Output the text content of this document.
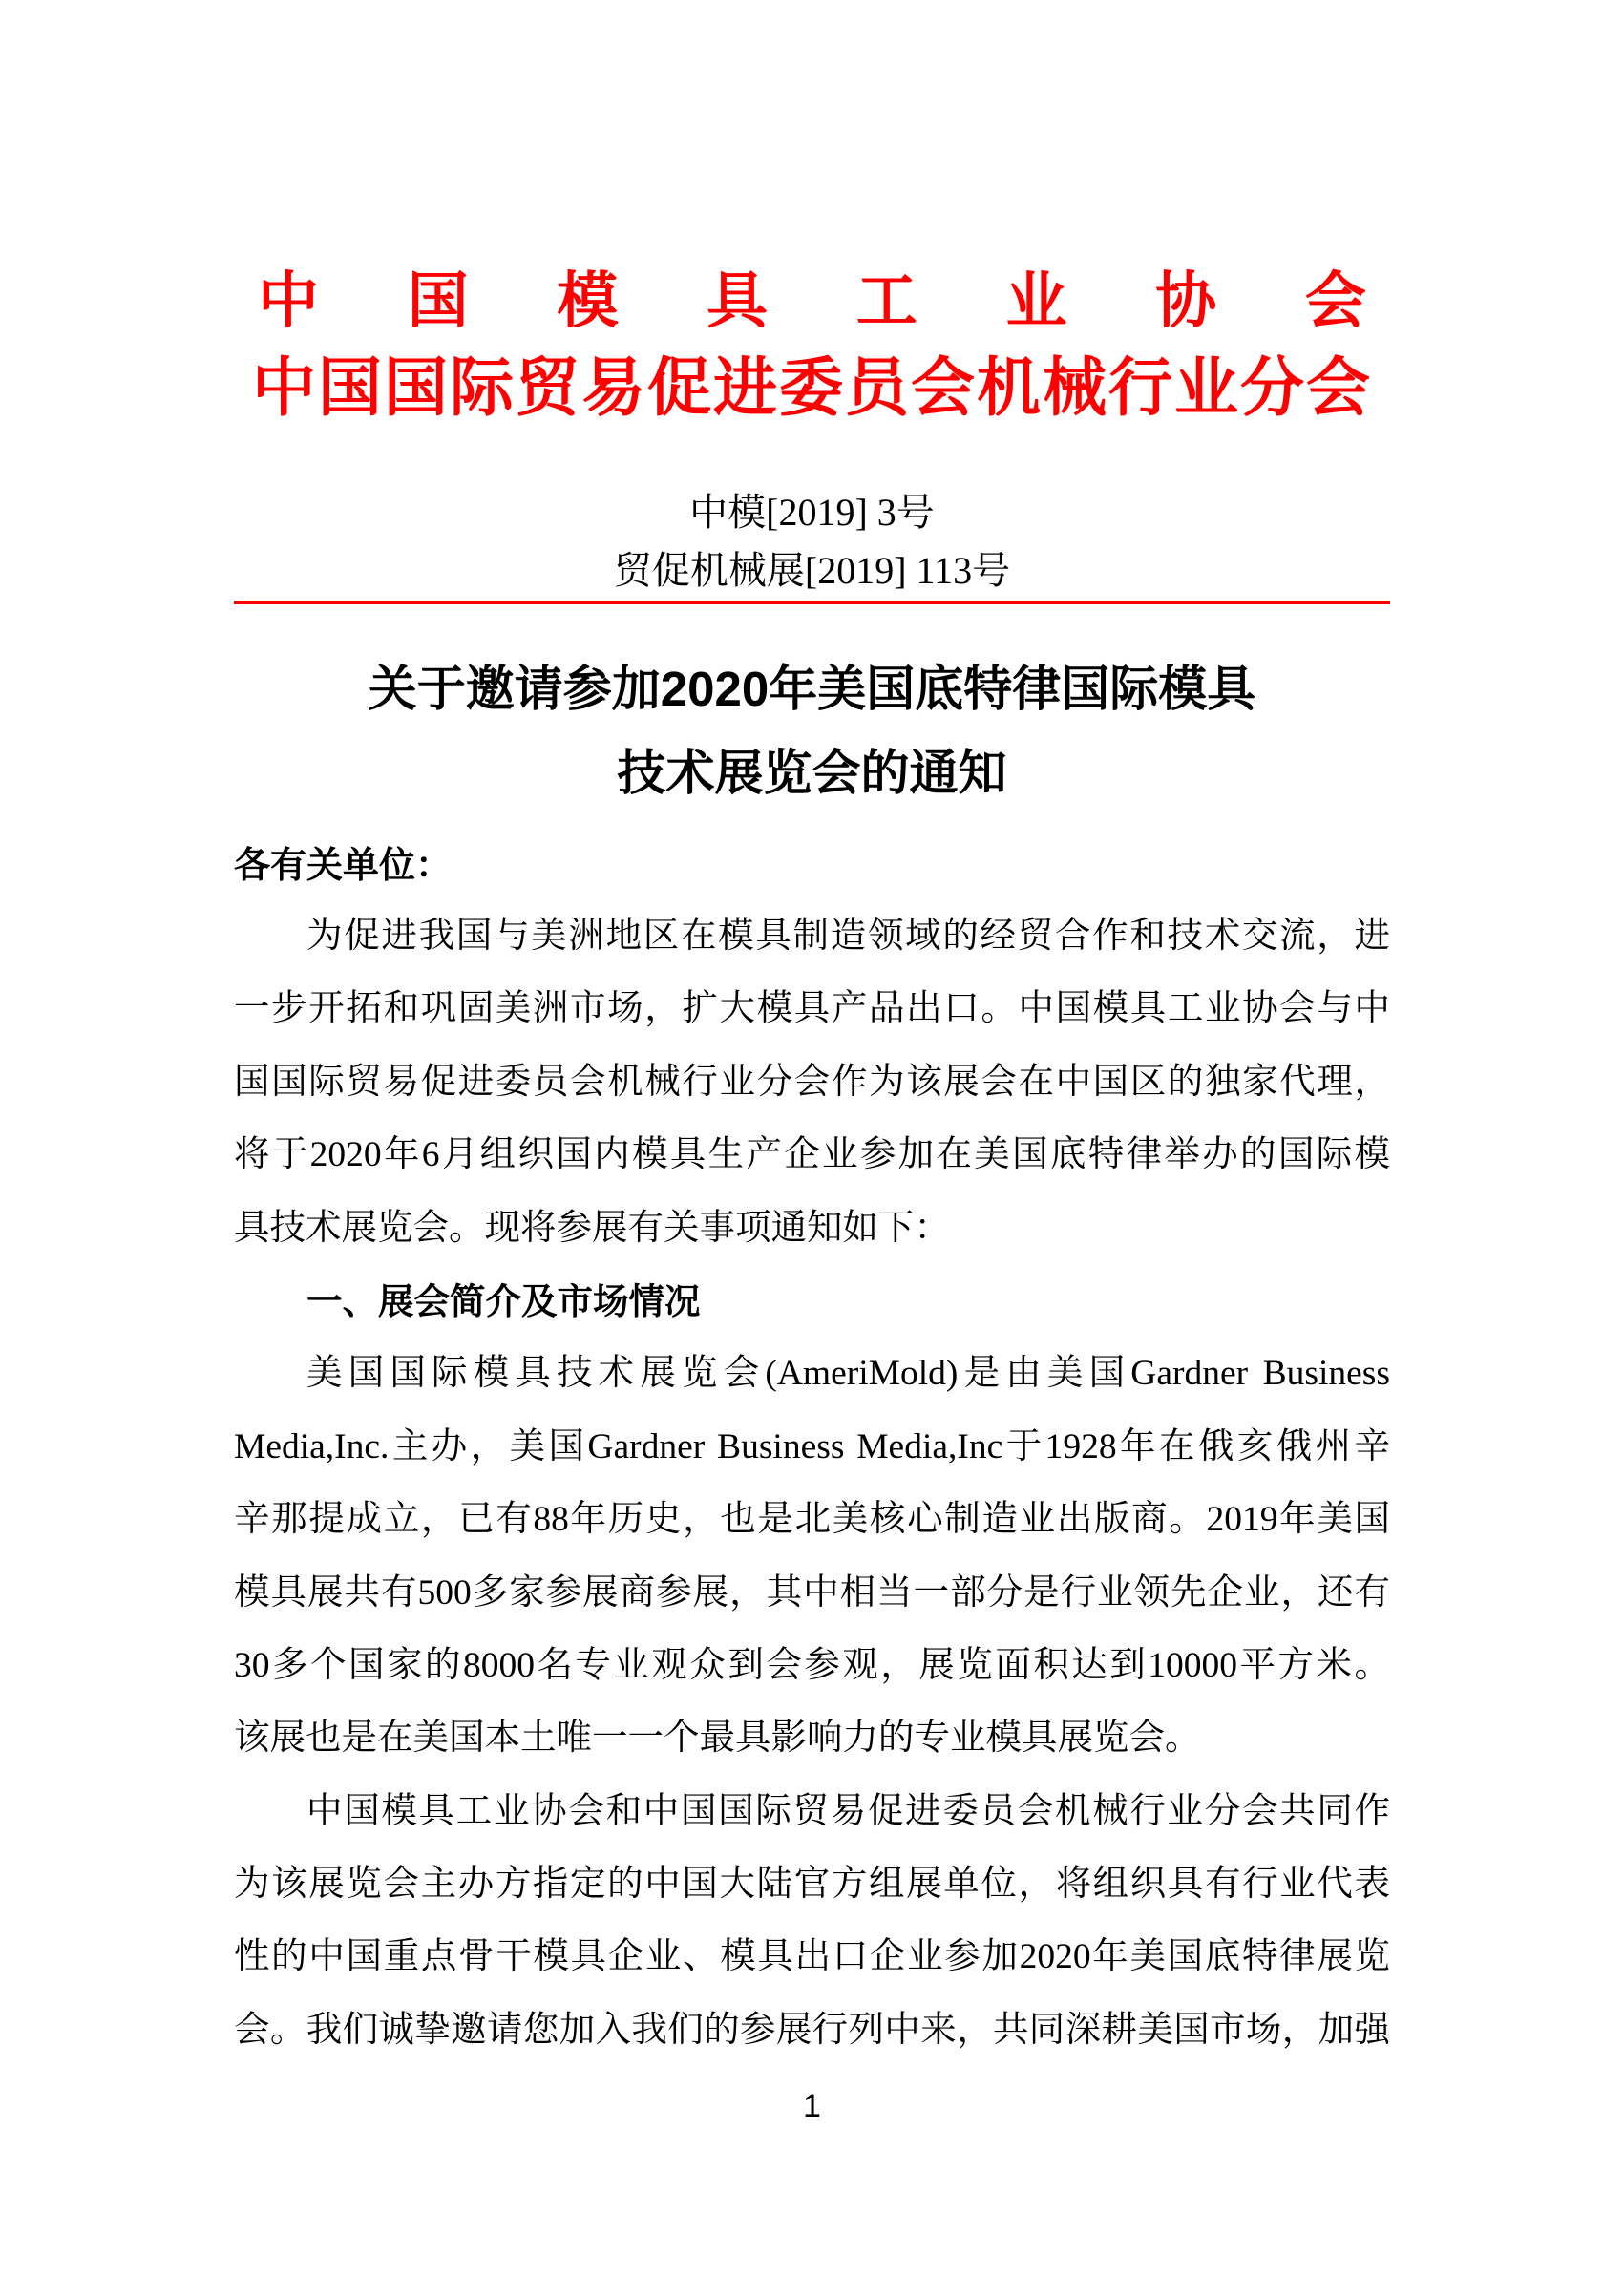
中 国 模 具 工 业 协 会
中国国际贸易促进委员会机械行业分会
中模[2019] 3号
贸促机械展[2019] 113号
关于邀请参加2020年美国底特律国际模具
技术展览会的通知
各有关单位：
为促进我国与美洲地区在模具制造领域的经贸合作和技术交流，进
一步开拓和巩固美洲市场，扩大模具产品出口。中国模具工业协会与中
国国际贸易促进委员会机械行业分会作为该展会在中国区的独家代理，
将于2020年6月组织国内模具生产企业参加在美国底特律举办的国际模
具技术展览会。现将参展有关事项通知如下：
一、展会简介及市场情况
美国国际模具技术展览会(AmeriMold)是由美国Gardner Business
Media,Inc.主办，美国Gardner Business Media,Inc于1928年在俄亥俄州辛
辛那提成立，已有88年历史，也是北美核心制造业出版商。2019年美国
模具展共有500多家参展商参展，其中相当一部分是行业领先企业，还有
30多个国家的8000名专业观众到会参观，展览面积达到10000平方米。
该展也是在美国本土唯一一个最具影响力的专业模具展览会。
中国模具工业协会和中国国际贸易促进委员会机械行业分会共同作
为该展览会主办方指定的中国大陆官方组展单位，将组织具有行业代表
性的中国重点骨干模具企业、模具出口企业参加2020年美国底特律展览
会。我们诚挚邀请您加入我们的参展行列中来，共同深耕美国市场，加强
1
